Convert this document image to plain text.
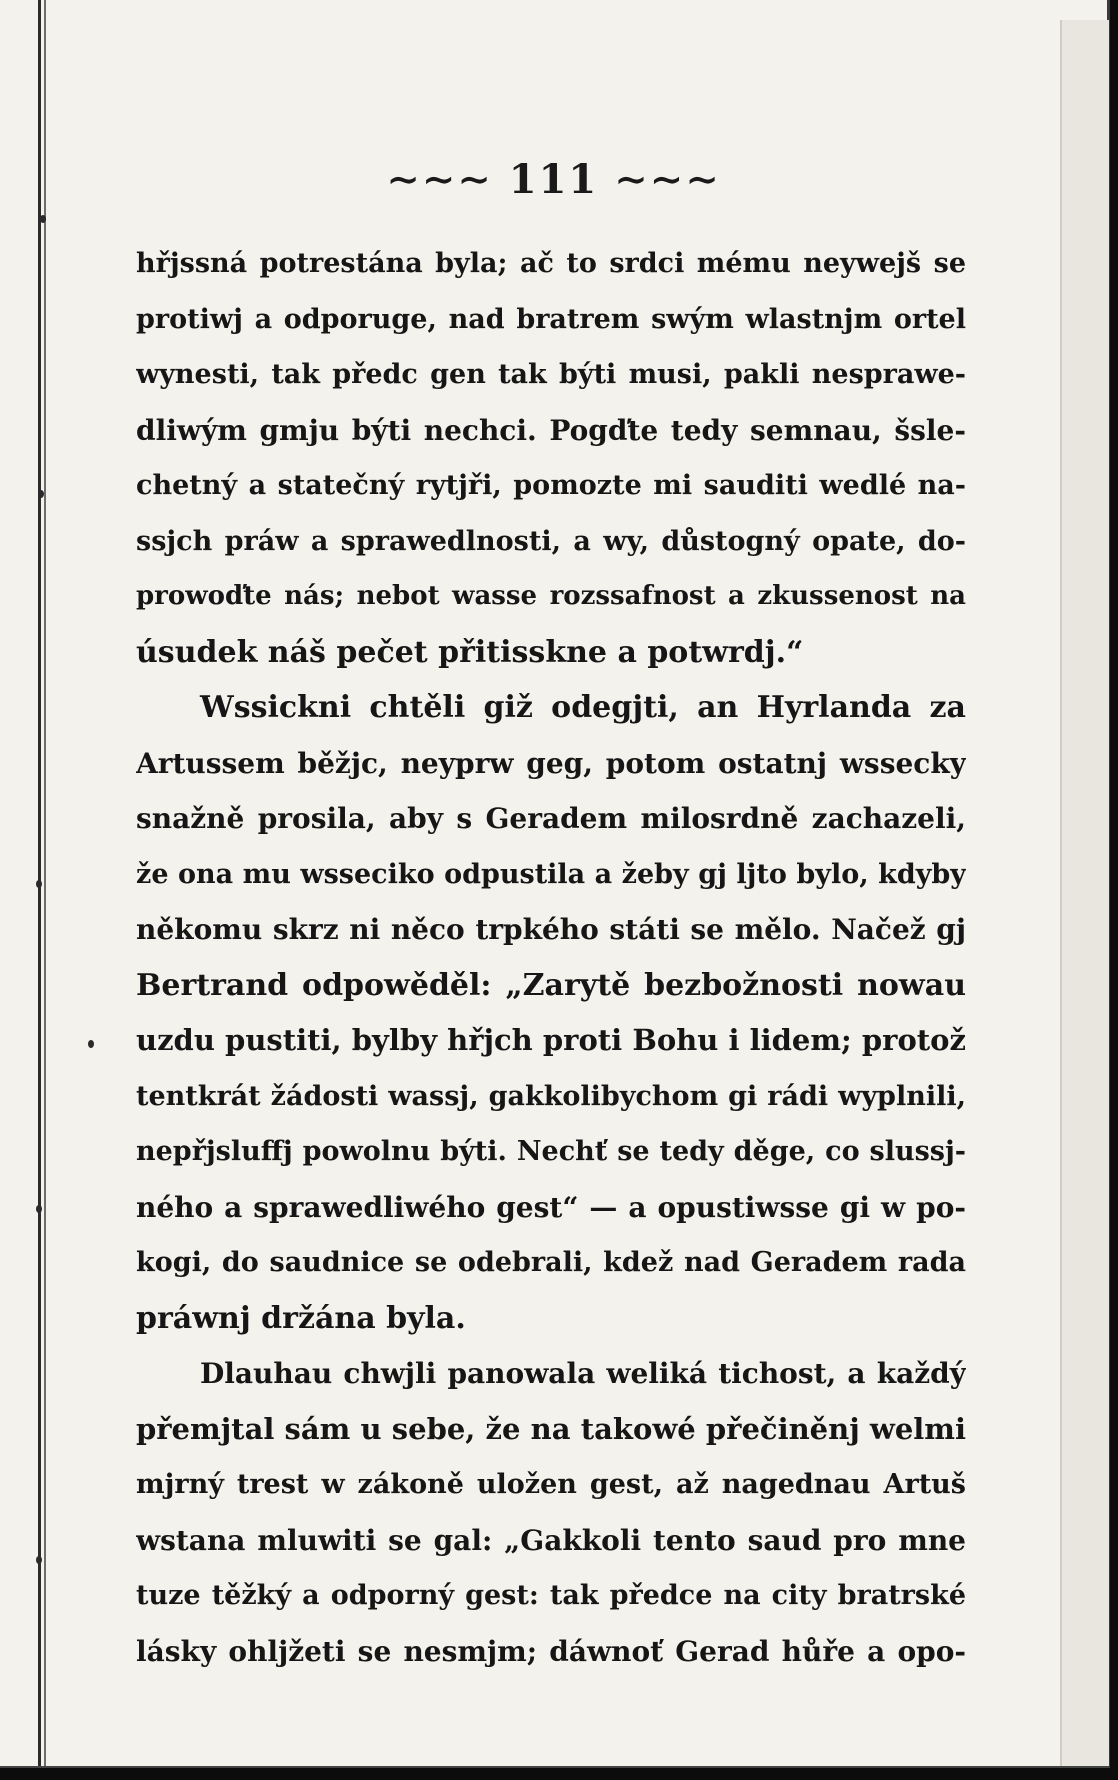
∼∼∼ 111 ∼∼∼
hřjssná potrestána byla; ač to srdci mému neywejš se
protiwj a odporuge, nad bratrem swým wlastnjm ortel
wynesti, tak předc gen tak býti musi, pakli nesprawe-
dliwým gmju býti nechci. Pogďte tedy semnau, šsle-
chetný a statečný rytjři, pomozte mi sauditi wedlé na-
ssjch práw a sprawedlnosti, a wy, důstogný opate, do-
prowoďte nás; nebot wasse rozssafnost a zkussenost na
úsudek náš pečet přitisskne a potwrdj.“
Wssickni chtěli giž odegjti, an Hyrlanda za
Artussem běžjc, neyprw geg, potom ostatnj wssecky
snažně prosila, aby s Geradem milosrdně zachazeli,
že ona mu wsseciko odpustila a žeby gj ljto bylo, kdyby
někomu skrz ni něco trpkého státi se mělo. Načež gj
Bertrand odpowěděl: „Zarytě bezbožnosti nowau
uzdu pustiti, bylby hřjch proti Bohu i lidem; protož
tentkrát žádosti wassj, gakkolibychom gi rádi wyplnili,
nepřjsluffj powolnu býti. Nechť se tedy děge, co slussj-
ného a sprawedliwého gest“ — a opustiwsse gi w po-
kogi, do saudnice se odebrali, kdež nad Geradem rada
práwnj držána byla.
Dlauhau chwjli panowala weliká tichost, a každý
přemjtal sám u sebe, že na takowé přečiněnj welmi
mjrný trest w zákoně uložen gest, až nagednau Artuš
wstana mluwiti se gal: „Gakkoli tento saud pro mne
tuze těžký a odporný gest: tak předce na city bratrské
lásky ohljžeti se nesmjm; dáwnoť Gerad hůře a opo-
